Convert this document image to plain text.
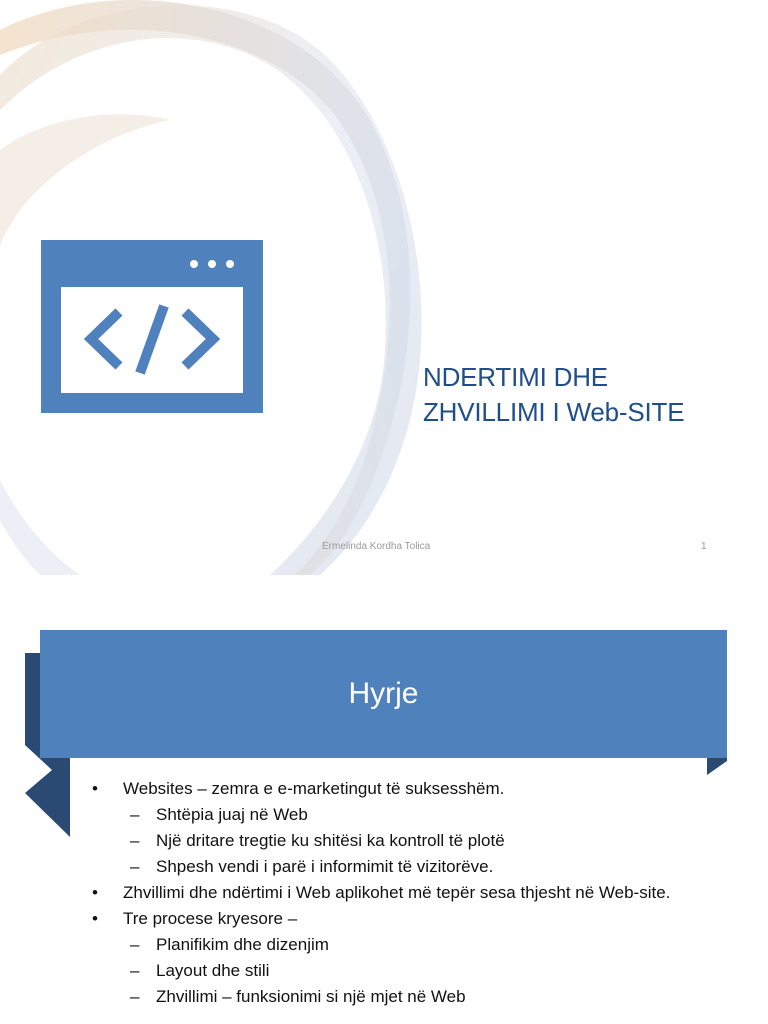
NDERTIMI DHE
ZHVILLIMI I Web-SITE
Ermelinda Kordha Tolica	1
Hyrje
•	Websites – zemra e e-marketingut të suksesshëm.
– Shtëpia juaj në Web
– Një dritare tregtie ku shitësi ka kontroll të plotë
– Shpesh vendi i parë i informimit të vizitorëve.
•	Zhvillimi dhe ndërtimi i Web aplikohet më tepër sesa thjesht në Web-site.
•	Tre procese kryesore –
– Planifikim dhe dizenjim
– Layout dhe stili
– Zhvillimi – funksionimi si një mjet në Web
